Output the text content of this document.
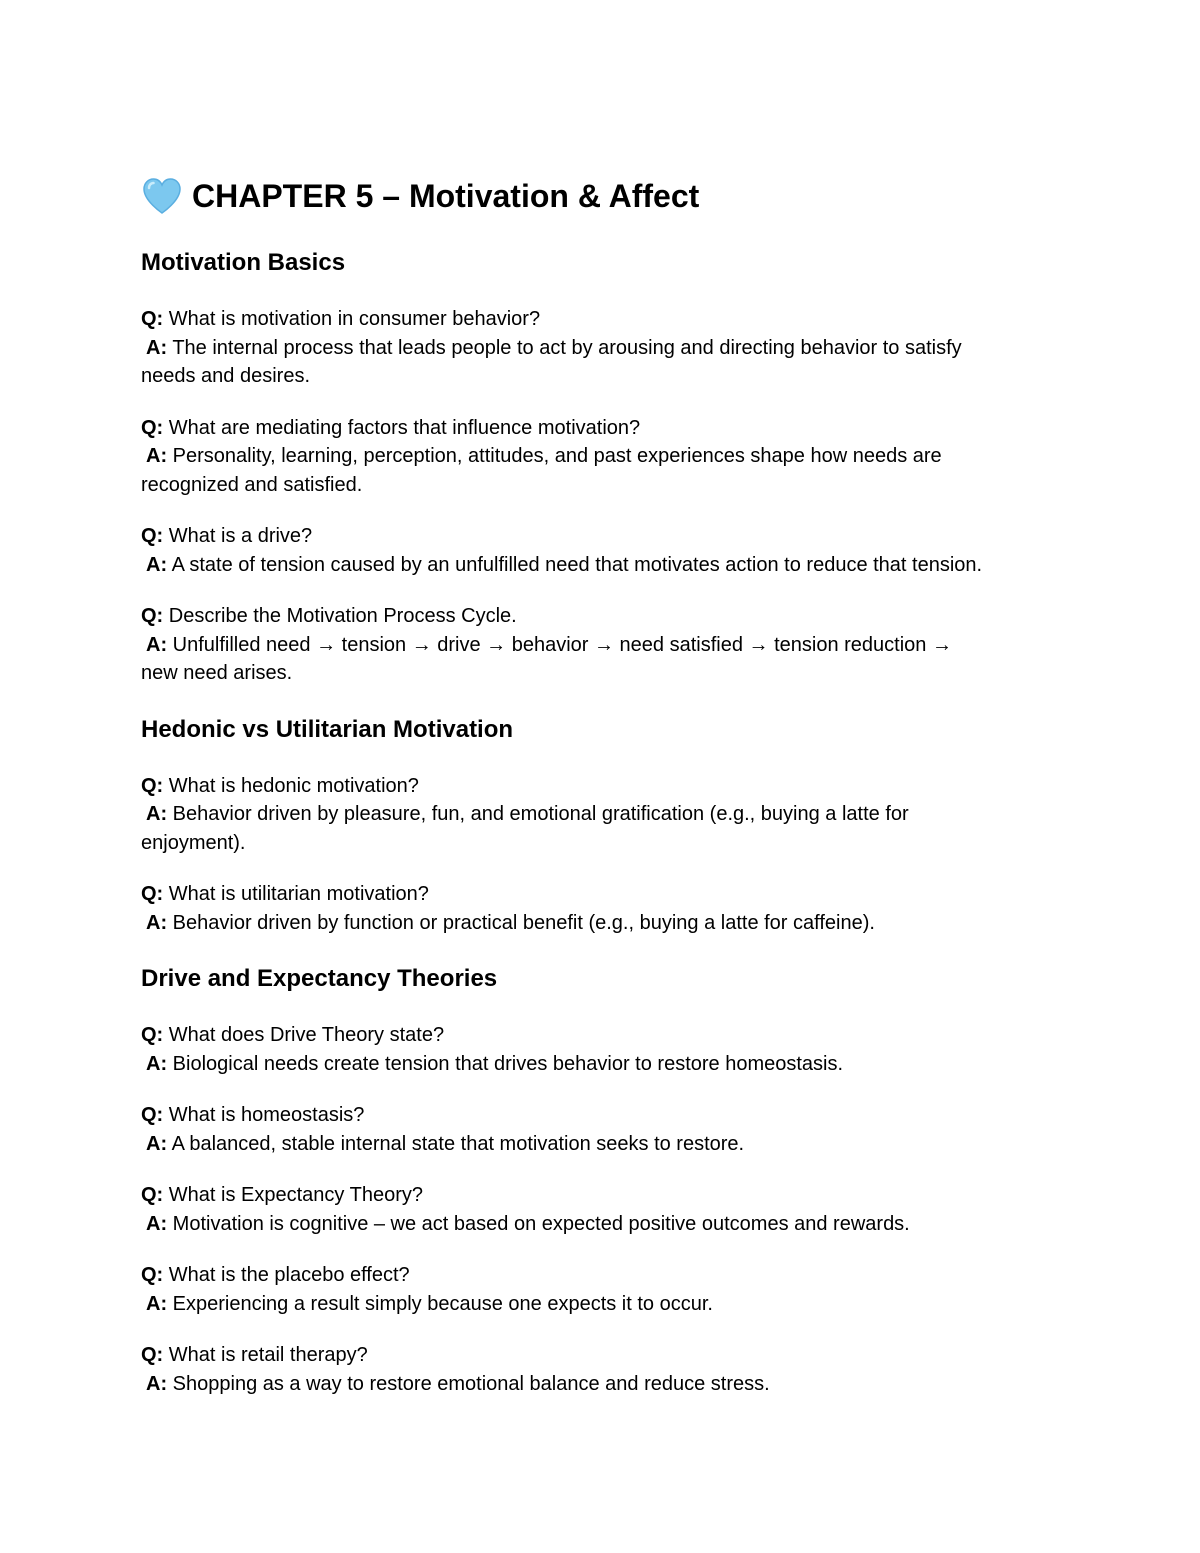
CHAPTER 5 – Motivation & Affect
Motivation Basics
Q: What is motivation in consumer behavior?
A: The internal process that leads people to act by arousing and directing behavior to satisfy
needs and desires.
Q: What are mediating factors that influence motivation?
A: Personality, learning, perception, attitudes, and past experiences shape how needs are
recognized and satisfied.
Q: What is a drive?
A: A state of tension caused by an unfulfilled need that motivates action to reduce that tension.
Q: Describe the Motivation Process Cycle.
A: Unfulfilled need → tension → drive → behavior → need satisfied → tension reduction →
new need arises.
Hedonic vs Utilitarian Motivation
Q: What is hedonic motivation?
A: Behavior driven by pleasure, fun, and emotional gratification (e.g., buying a latte for
enjoyment).
Q: What is utilitarian motivation?
A: Behavior driven by function or practical benefit (e.g., buying a latte for caffeine).
Drive and Expectancy Theories
Q: What does Drive Theory state?
A: Biological needs create tension that drives behavior to restore homeostasis.
Q: What is homeostasis?
A: A balanced, stable internal state that motivation seeks to restore.
Q: What is Expectancy Theory?
A: Motivation is cognitive – we act based on expected positive outcomes and rewards.
Q: What is the placebo effect?
A: Experiencing a result simply because one expects it to occur.
Q: What is retail therapy?
A: Shopping as a way to restore emotional balance and reduce stress.
